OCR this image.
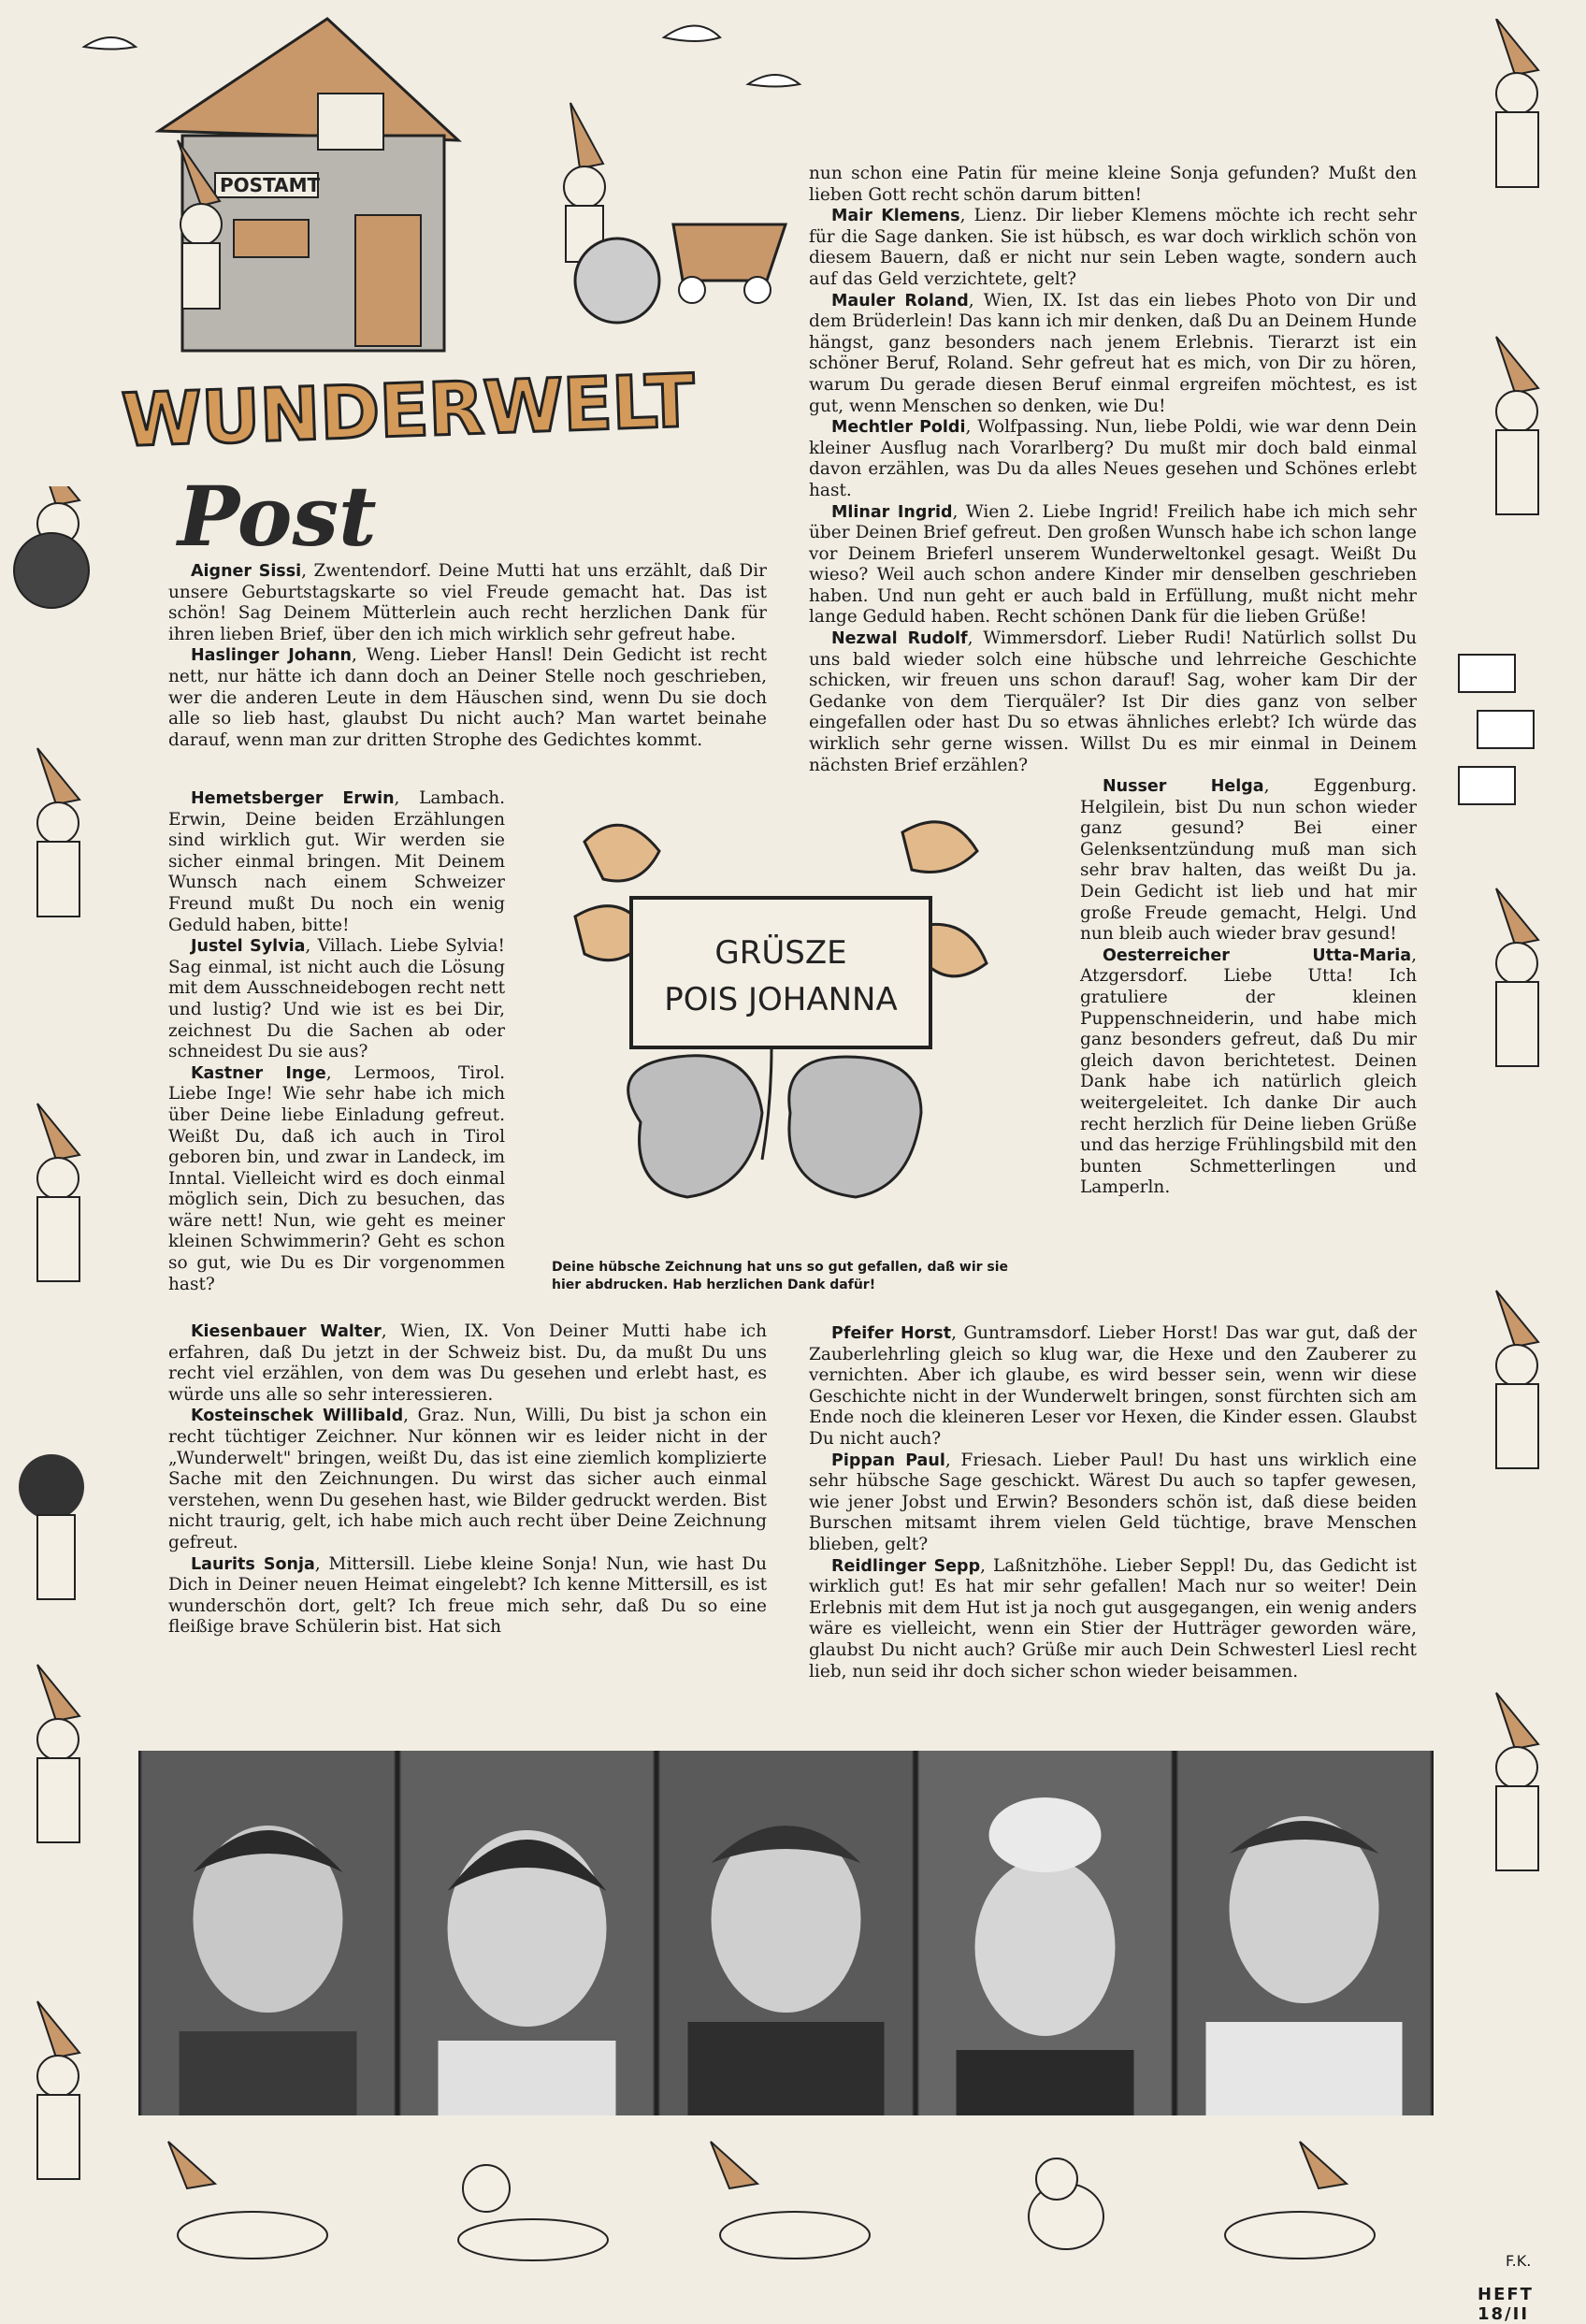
POSTAMT
WUNDERWELT
Post

Aigner Sissi, Zwentendorf. Deine Mutti hat uns erzählt, daß Dir unsere Geburtstagskarte so viel Freude gemacht hat. Das ist schön! Sag Deinem Mütterlein auch recht herzlichen Dank für ihren lieben Brief, über den ich mich wirklich sehr gefreut habe.

Haslinger Johann, Weng. Lieber Hansl! Dein Gedicht ist recht nett, nur hätte ich dann doch an Deiner Stelle noch geschrieben, wer die anderen Leute in dem Häuschen sind, wenn Du sie doch alle so lieb hast, glaubst Du nicht auch? Man wartet beinahe darauf, wenn man zur dritten Strophe des Gedichtes kommt.

Hemetsberger Erwin, Lambach. Erwin, Deine beiden Erzählungen sind wirklich gut. Wir werden sie sicher einmal bringen. Mit Deinem Wunsch nach einem Schweizer Freund mußt Du noch ein wenig Geduld haben, bitte!

Justel Sylvia, Villach. Liebe Sylvia! Sag einmal, ist nicht auch die Lösung mit dem Ausschneidebogen recht nett und lustig? Und wie ist es bei Dir, zeichnest Du die Sachen ab oder schneidest Du sie aus?

Kastner Inge, Lermoos, Tirol. Liebe Inge! Wie sehr habe ich mich über Deine liebe Einladung gefreut. Weißt Du, daß ich auch in Tirol geboren bin, und zwar in Landeck, im Inntal. Vielleicht wird es doch einmal möglich sein, Dich zu besuchen, das wäre nett! Nun, wie geht es meiner kleinen Schwimmerin? Geht es schon so gut, wie Du es Dir vorgenommen hast?

Kiesenbauer Walter, Wien, IX. Von Deiner Mutti habe ich erfahren, daß Du jetzt in der Schweiz bist. Du, da mußt Du uns recht viel erzählen, von dem was Du gesehen und erlebt hast, es würde uns alle so sehr interessieren.

Kosteinschek Willibald, Graz. Nun, Willi, Du bist ja schon ein recht tüchtiger Zeichner. Nur können wir es leider nicht in der „Wunderwelt" bringen, weißt Du, das ist eine ziemlich komplizierte Sache mit den Zeichnungen. Du wirst das sicher auch einmal verstehen, wenn Du gesehen hast, wie Bilder gedruckt werden. Bist nicht traurig, gelt, ich habe mich auch recht über Deine Zeichnung gefreut.

Laurits Sonja, Mittersill. Liebe kleine Sonja! Nun, wie hast Du Dich in Deiner neuen Heimat eingelebt? Ich kenne Mittersill, es ist wunderschön dort, gelt? Ich freue mich sehr, daß Du so eine fleißige brave Schülerin bist. Hat sich

nun schon eine Patin für meine kleine Sonja gefunden? Mußt den lieben Gott recht schön darum bitten!

Mair Klemens, Lienz. Dir lieber Klemens möchte ich recht sehr für die Sage danken. Sie ist hübsch, es war doch wirklich schön von diesem Bauern, daß er nicht nur sein Leben wagte, sondern auch auf das Geld verzichtete, gelt?

Mauler Roland, Wien, IX. Ist das ein liebes Photo von Dir und dem Brüderlein! Das kann ich mir denken, daß Du an Deinem Hunde hängst, ganz besonders nach jenem Erlebnis. Tierarzt ist ein schöner Beruf, Roland. Sehr gefreut hat es mich, von Dir zu hören, warum Du gerade diesen Beruf einmal ergreifen möchtest, es ist gut, wenn Menschen so denken, wie Du!

Mechtler Poldi, Wolfpassing. Nun, liebe Poldi, wie war denn Dein kleiner Ausflug nach Vorarlberg? Du mußt mir doch bald einmal davon erzählen, was Du da alles Neues gesehen und Schönes erlebt hast.

Mlinar Ingrid, Wien 2. Liebe Ingrid! Freilich habe ich mich sehr über Deinen Brief gefreut. Den großen Wunsch habe ich schon lange vor Deinem Brieferl unserem Wunderweltonkel gesagt. Weißt Du wieso? Weil auch schon andere Kinder mir denselben geschrieben haben. Und nun geht er auch bald in Erfüllung, mußt nicht mehr lange Geduld haben. Recht schönen Dank für die lieben Grüße!

Nezwal Rudolf, Wimmersdorf. Lieber Rudi! Natürlich sollst Du uns bald wieder solch eine hübsche und lehrreiche Geschichte schicken, wir freuen uns schon darauf! Sag, woher kam Dir der Gedanke von dem Tierquäler? Ist Dir dies ganz von selber eingefallen oder hast Du so etwas ähnliches erlebt? Ich würde das wirklich sehr gerne wissen. Willst Du es mir einmal in Deinem nächsten Brief erzählen?

Nusser Helga, Eggenburg. Helgilein, bist Du nun schon wieder ganz gesund? Bei einer Gelenksentzündung muß man sich sehr brav halten, das weißt Du ja. Dein Gedicht ist lieb und hat mir große Freude gemacht, Helgi. Und nun bleib auch wieder brav gesund!

Oesterreicher Utta-Maria, Atzgersdorf. Liebe Utta! Ich gratuliere der kleinen Puppenschneiderin, und habe mich ganz besonders gefreut, daß Du mir gleich davon berichtetest. Deinen Dank habe ich natürlich gleich weitergeleitet. Ich danke Dir auch recht herzlich für Deine lieben Grüße und das herzige Frühlingsbild mit den bunten Schmetterlingen und Lamperln.

Pfeifer Horst, Guntramsdorf. Lieber Horst! Das war gut, daß der Zauberlehrling gleich so klug war, die Hexe und den Zauberer zu vernichten. Aber ich glaube, es wird besser sein, wenn wir diese Geschichte nicht in der Wunderwelt bringen, sonst fürchten sich am Ende noch die kleineren Leser vor Hexen, die Kinder essen. Glaubst Du nicht auch?

Pippan Paul, Friesach. Lieber Paul! Du hast uns wirklich eine sehr hübsche Sage geschickt. Wärest Du auch so tapfer gewesen, wie jener Jobst und Erwin? Besonders schön ist, daß diese beiden Burschen mitsamt ihrem vielen Geld tüchtige, brave Menschen blieben, gelt?

Reidlinger Sepp, Laßnitzhöhe. Lieber Seppl! Du, das Gedicht ist wirklich gut! Es hat mir sehr gefallen! Mach nur so weiter! Dein Erlebnis mit dem Hut ist ja noch gut ausgegangen, ein wenig anders wäre es vielleicht, wenn ein Stier der Hutträger geworden wäre, glaubst Du nicht auch? Grüße mir auch Dein Schwesterl Liesl recht lieb, nun seid ihr doch sicher schon wieder beisammen.

GRÜSZE
POIS JOHANNA
Deine hübsche Zeichnung hat uns so gut gefallen, daß wir sie hier abdrucken. Hab herzlichen Dank dafür!
F.K.
HEFT 18/II
